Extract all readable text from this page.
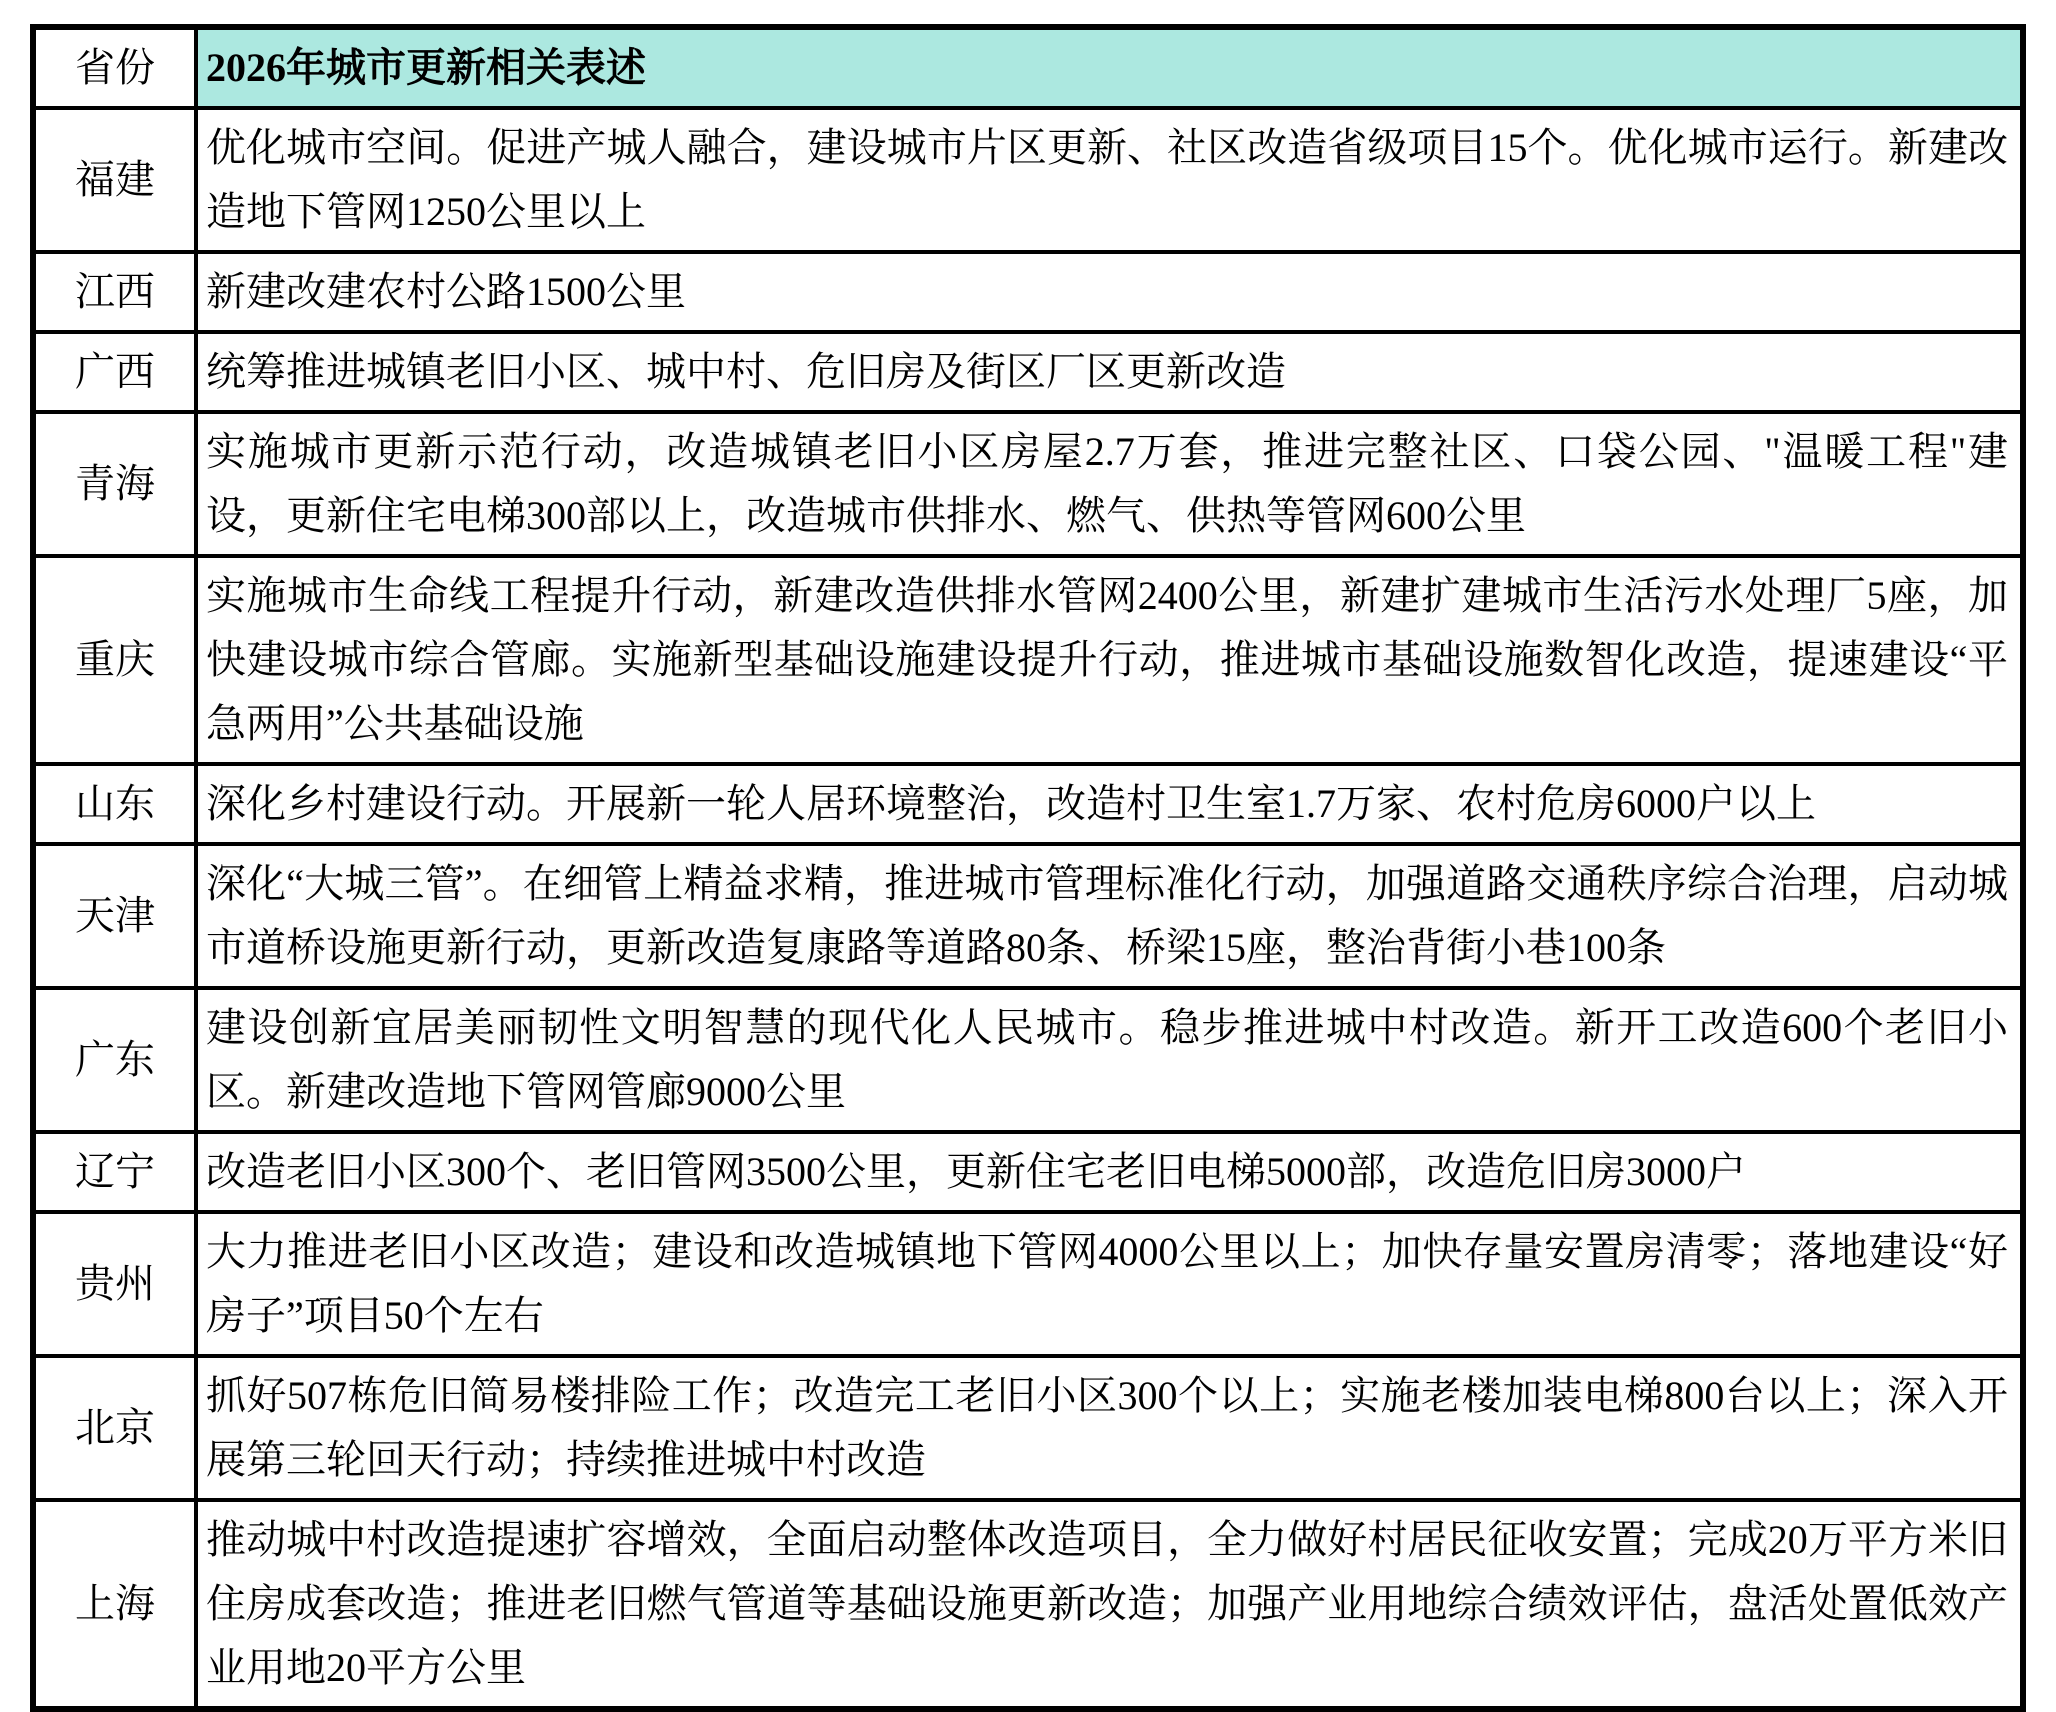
省份	2026年城市更新相关表述
福建	优化城市空间。促进产城人融合，建设城市片区更新、社区改造省级项目15个。优化城市运行。新建改造地下管网1250公里以上
江西	新建改建农村公路1500公里
广西	统筹推进城镇老旧小区、城中村、危旧房及街区厂区更新改造
青海	实施城市更新示范行动，改造城镇老旧小区房屋2.7万套，推进完整社区、口袋公园、"温暖工程"建设，更新住宅电梯300部以上，改造城市供排水、燃气、供热等管网600公里
重庆	实施城市生命线工程提升行动，新建改造供排水管网2400公里，新建扩建城市生活污水处理厂5座，加快建设城市综合管廊。实施新型基础设施建设提升行动，推进城市基础设施数智化改造，提速建设“平急两用”公共基础设施
山东	深化乡村建设行动。开展新一轮人居环境整治，改造村卫生室1.7万家、农村危房6000户以上
天津	深化“大城三管”。在细管上精益求精，推进城市管理标准化行动，加强道路交通秩序综合治理，启动城市道桥设施更新行动，更新改造复康路等道路80条、桥梁15座，整治背街小巷100条
广东	建设创新宜居美丽韧性文明智慧的现代化人民城市。稳步推进城中村改造。新开工改造600个老旧小区。新建改造地下管网管廊9000公里
辽宁	改造老旧小区300个、老旧管网3500公里，更新住宅老旧电梯5000部，改造危旧房3000户
贵州	大力推进老旧小区改造；建设和改造城镇地下管网4000公里以上；加快存量安置房清零；落地建设“好房子”项目50个左右
北京	抓好507栋危旧简易楼排险工作；改造完工老旧小区300个以上；实施老楼加装电梯800台以上；深入开展第三轮回天行动；持续推进城中村改造
上海	推动城中村改造提速扩容增效，全面启动整体改造项目，全力做好村居民征收安置；完成20万平方米旧住房成套改造；推进老旧燃气管道等基础设施更新改造；加强产业用地综合绩效评估，盘活处置低效产业用地20平方公里
